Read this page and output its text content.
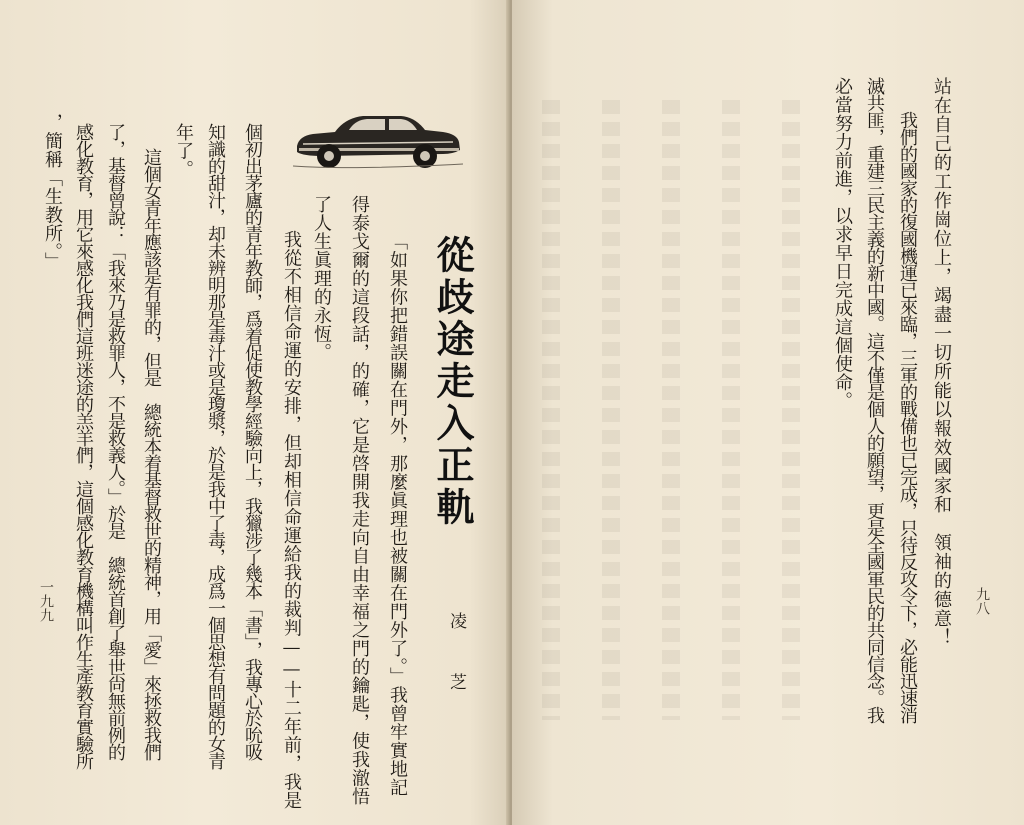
從歧途走入正軌
凌 芝
「如果你把錯誤關在門外，那麼眞理也被關在門外了。」我曾牢實地記
得泰戈爾的這段話，的確，它是啓開我走向自由幸福之門的鑰匙，使我澈悟
了人生眞理的永恆。
我從不相信命運的安排，但却相信命運給我的裁判——十二年前，我是
個初出茅廬的青年教師，爲着促使教學經驗向上，我獵涉了幾本「書」，我專心於吮吸
知識的甜汁，却未辨明那是毒汁或是瓊漿，於是我中了毒，成爲一個思想有問題的女青
年了。
這個女青年應該是有罪的，但是　總統本着基督救世的精神，用「愛」來拯救我們
了，基督曾說：「我來乃是救罪人，不是救義人。」於是　總統首創了舉世尙無前例的
感化教育，用它來感化我們這班迷途的羔羊們，這個感化教育機構叫作生產教育實驗所
，簡稱「生教所。」
一九九	九八
站在自己的工作崗位上，竭盡一切所能以報效國家和　領袖的德意！
我們的國家的復國機運已來臨，三軍的戰備也已完成，只待反攻令下，必能迅速消
滅共匪，重建三民主義的新中國。這不僅是個人的願望，更是全國軍民的共同信念。我
必當努力前進，以求早日完成這個使命。
